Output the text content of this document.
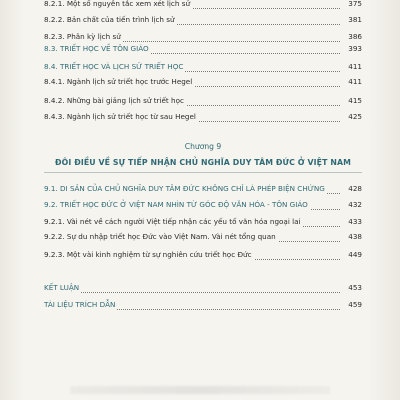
8.2.1. Một số nguyên tắc xem xét lịch sử	375
8.2.2. Bản chất của tiến trình lịch sử	381
8.2.3. Phân kỳ lịch sử	386
8.3. TRIẾT HỌC VỀ TÔN GIÁO	393
8.4. TRIẾT HỌC VÀ LỊCH SỬ TRIẾT HỌC	411
8.4.1. Ngành lịch sử triết học trước Hegel	411
8.4.2. Những bài giảng lịch sử triết học	415
8.4.3. Ngành lịch sử triết học từ sau Hegel	425
Chương 9
ĐÔI ĐIỀU VỀ SỰ TIẾP NHẬN CHỦ NGHĨA DUY TÂM ĐỨC Ở VIỆT NAM
9.1. DI SẢN CỦA CHỦ NGHĨA DUY TÂM ĐỨC KHÔNG CHỈ LÀ PHÉP BIỆN CHỨNG	428
9.2. TRIẾT HỌC ĐỨC Ở VIỆT NAM NHÌN TỪ GÓC ĐỘ VĂN HÓA - TÔN GIÁO	432
9.2.1. Vài nét về cách người Việt tiếp nhận các yếu tố văn hóa ngoại lai	433
9.2.2. Sự du nhập triết học Đức vào Việt Nam. Vài nét tổng quan	438
9.2.3. Một vài kinh nghiệm từ sự nghiên cứu triết học Đức	449
KẾT LUẬN	453
TÀI LIỆU TRÍCH DẪN	459
